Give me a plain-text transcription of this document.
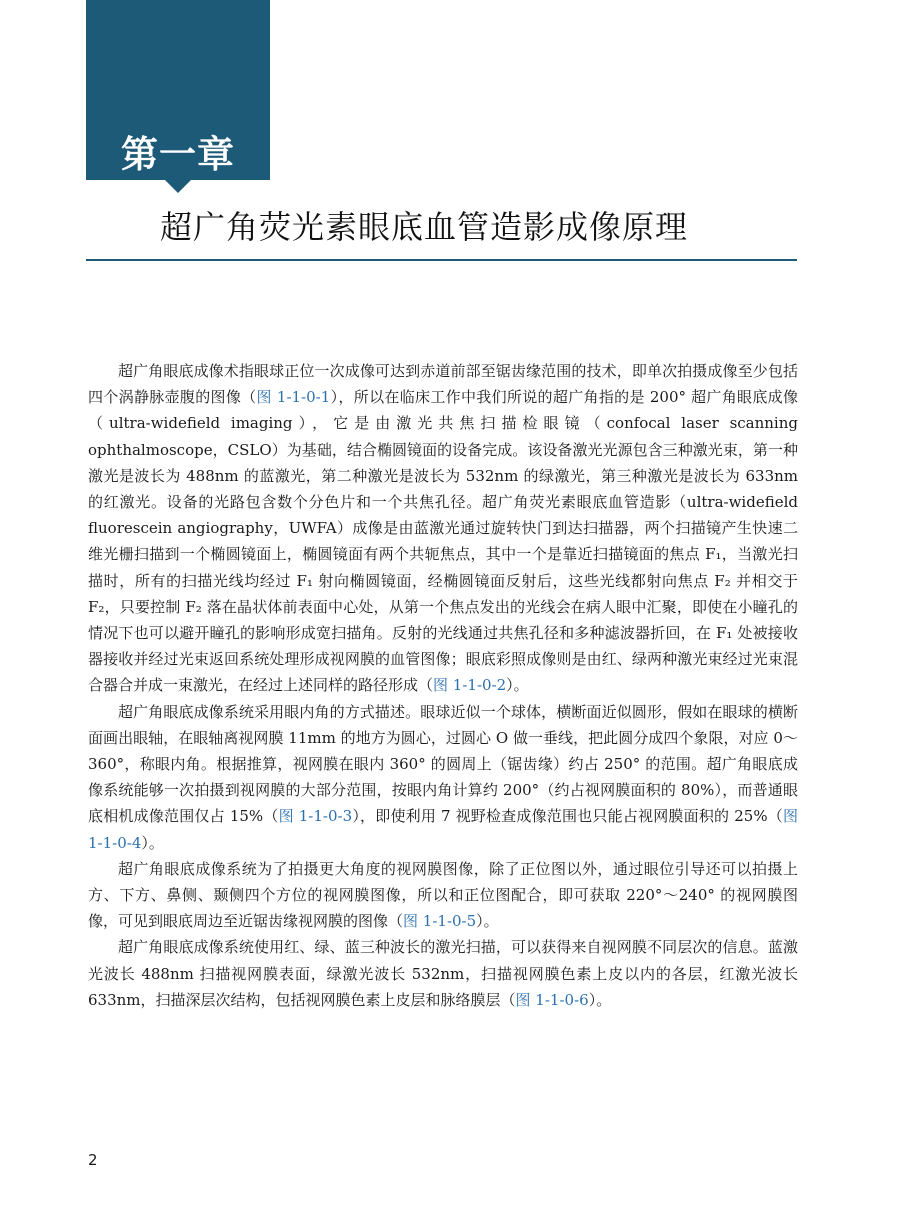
第一章
超广角荧光素眼底血管造影成像原理

超广角眼底成像术指眼球正位一次成像可达到赤道前部至锯齿缘范围的技术，即单次拍摄成像至少包括四个涡静脉壶腹的图像（图 1-1-0-1），所以在临床工作中我们所说的超广角指的是 200° 超广角眼底成像（ultra-widefield imaging），它是由激光共焦扫描检眼镜（confocal laser scanning ophthalmoscope，CSLO）为基础，结合椭圆镜面的设备完成。该设备激光光源包含三种激光束，第一种激光是波长为 488nm 的蓝激光，第二种激光是波长为 532nm 的绿激光，第三种激光是波长为 633nm 的红激光。设备的光路包含数个分色片和一个共焦孔径。超广角荧光素眼底血管造影（ultra-widefield fluorescein angiography，UWFA）成像是由蓝激光通过旋转快门到达扫描器，两个扫描镜产生快速二维光栅扫描到一个椭圆镜面上，椭圆镜面有两个共轭焦点，其中一个是靠近扫描镜面的焦点 F₁，当激光扫描时，所有的扫描光线均经过 F₁ 射向椭圆镜面，经椭圆镜面反射后，这些光线都射向焦点 F₂ 并相交于 F₂，只要控制 F₂ 落在晶状体前表面中心处，从第一个焦点发出的光线会在病人眼中汇聚，即使在小瞳孔的情况下也可以避开瞳孔的影响形成宽扫描角。反射的光线通过共焦孔径和多种滤波器折回，在 F₁ 处被接收器接收并经过光束返回系统处理形成视网膜的血管图像；眼底彩照成像则是由红、绿两种激光束经过光束混合器合并成一束激光，在经过上述同样的路径形成（图 1-1-0-2）。

超广角眼底成像系统采用眼内角的方式描述。眼球近似一个球体，横断面近似圆形，假如在眼球的横断面画出眼轴，在眼轴离视网膜 11mm 的地方为圆心，过圆心 O 做一垂线，把此圆分成四个象限，对应 0～360°，称眼内角。根据推算，视网膜在眼内 360° 的圆周上（锯齿缘）约占 250° 的范围。超广角眼底成像系统能够一次拍摄到视网膜的大部分范围，按眼内角计算约 200°（约占视网膜面积的 80%），而普通眼底相机成像范围仅占 15%（图 1-1-0-3），即使利用 7 视野检查成像范围也只能占视网膜面积的 25%（图 1-1-0-4）。

超广角眼底成像系统为了拍摄更大角度的视网膜图像，除了正位图以外，通过眼位引导还可以拍摄上方、下方、鼻侧、颞侧四个方位的视网膜图像，所以和正位图配合，即可获取 220°～240° 的视网膜图像，可见到眼底周边至近锯齿缘视网膜的图像（图 1-1-0-5）。

超广角眼底成像系统使用红、绿、蓝三种波长的激光扫描，可以获得来自视网膜不同层次的信息。蓝激光波长 488nm 扫描视网膜表面，绿激光波长 532nm，扫描视网膜色素上皮以内的各层，红激光波长 633nm，扫描深层次结构，包括视网膜色素上皮层和脉络膜层（图 1-1-0-6）。

2
